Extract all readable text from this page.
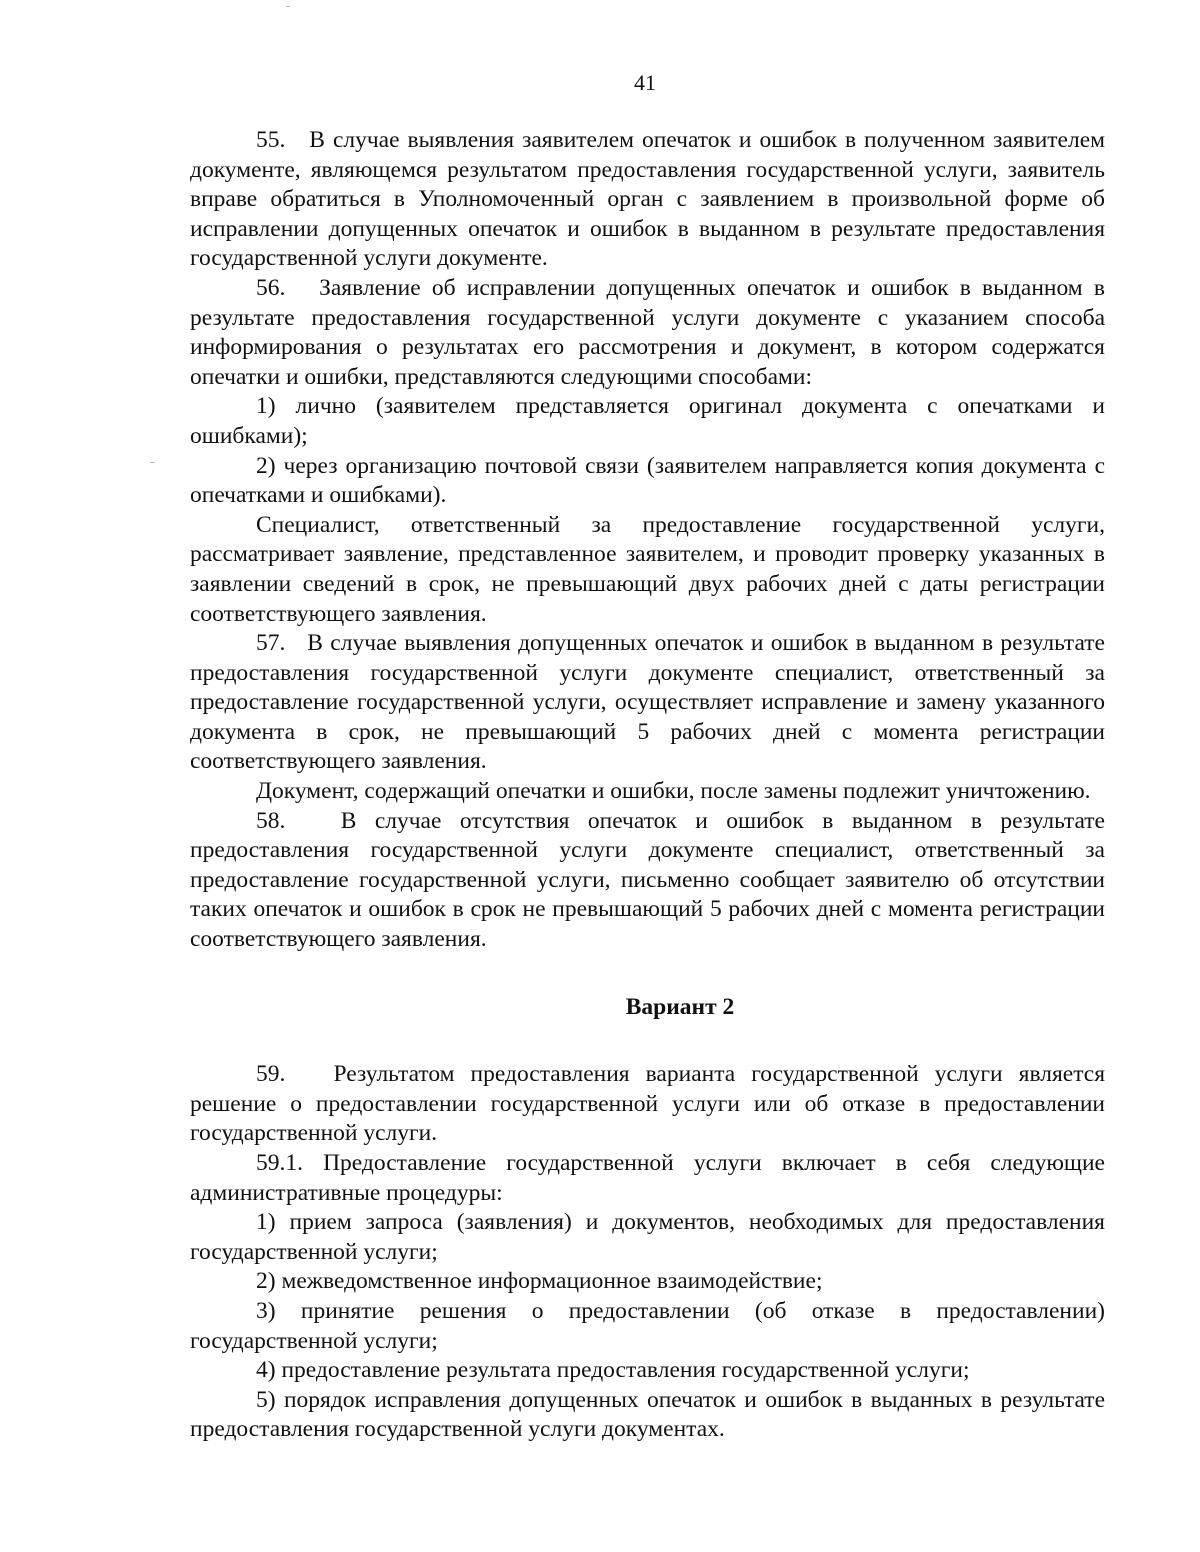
41

55.   В случае выявления заявителем опечаток и ошибок в полученном заявителем документе, являющемся результатом предоставления государственной услуги, заявитель вправе обратиться в Уполномоченный орган с заявлением в произвольной форме об исправлении допущенных опечаток и ошибок в выданном в результате предоставления государственной услуги документе.

56.   Заявление об исправлении допущенных опечаток и ошибок в выданном в результате предоставления государственной услуги документе с указанием способа информирования о результатах его рассмотрения и документ, в котором содержатся опечатки и ошибки, представляются следующими способами:

1) лично (заявителем представляется оригинал документа с опечатками и ошибками);

2) через организацию почтовой связи (заявителем направляется копия документа с опечатками и ошибками).

Специалист, ответственный за предоставление государственной услуги, рассматривает заявление, представленное заявителем, и проводит проверку указанных в заявлении сведений в срок, не превышающий двух рабочих дней с даты регистрации соответствующего заявления.

57.   В случае выявления допущенных опечаток и ошибок в выданном в результате предоставления государственной услуги документе специалист, ответственный за предоставление государственной услуги, осуществляет исправление и замену указанного документа в срок, не превышающий 5 рабочих дней с момента регистрации соответствующего заявления.

Документ, содержащий опечатки и ошибки, после замены подлежит уничтожению.

58.   В случае отсутствия опечаток и ошибок в выданном в результате предоставления государственной услуги документе специалист, ответственный за предоставление государственной услуги, письменно сообщает заявителю об отсутствии таких опечаток и ошибок в срок не превышающий 5 рабочих дней с момента регистрации соответствующего заявления.

Вариант 2

59.   Результатом предоставления варианта государственной услуги является решение о предоставлении государственной услуги или об отказе в предоставлении государственной услуги.

59.1. Предоставление государственной услуги включает в себя следующие административные процедуры:

1) прием запроса (заявления) и документов, необходимых для предоставления государственной услуги;

2) межведомственное информационное взаимодействие;

3) принятие решения о предоставлении (об отказе в предоставлении) государственной услуги;

4) предоставление результата предоставления государственной услуги;

5) порядок исправления допущенных опечаток и ошибок в выданных в результате предоставления государственной услуги документах.
